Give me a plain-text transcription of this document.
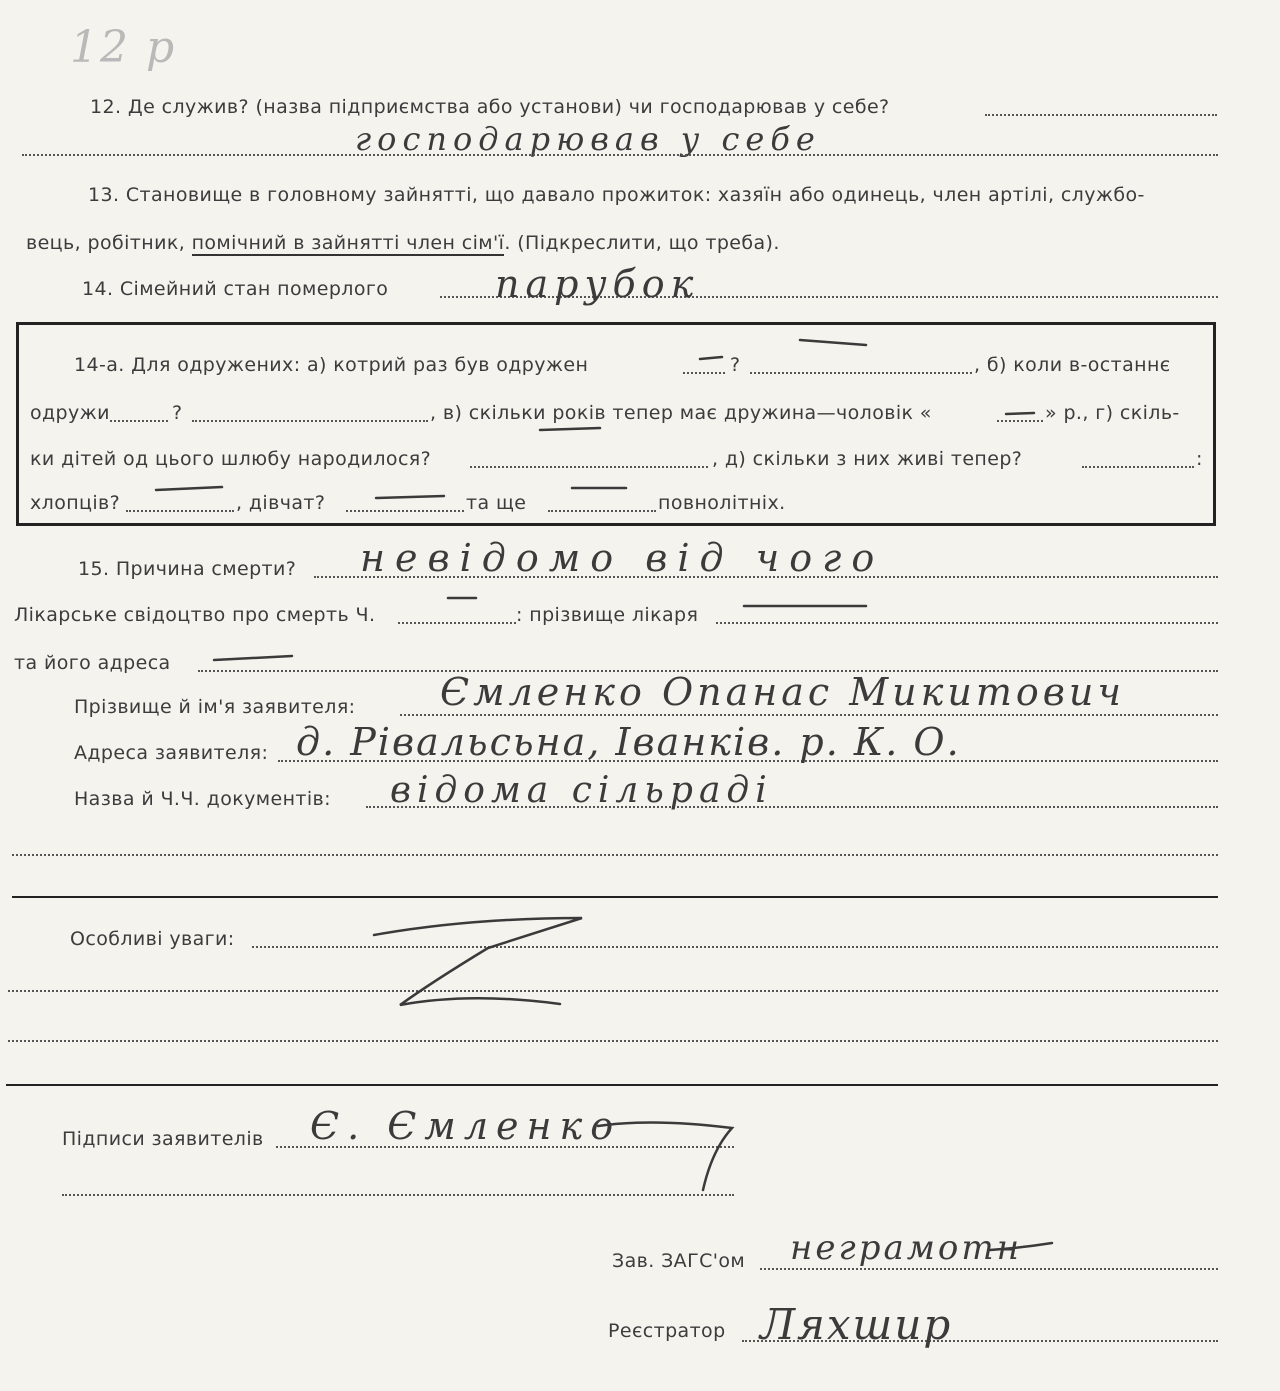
12 р
12. Де служив? (назва підприємства або установи) чи господарював у себе?
господарював у себе
13. Становище в головному зайнятті, що давало прожиток: хазяїн або одинець, член артілі, службо-
вець, робітник, помічний в зайнятті член сім'ї. (Підкреслити, що треба).
14. Сімейний стан померлого	парубок
14-а. Для одружених: а) котрий раз був одружен	?	, б) коли в-останнє
одружи	?	, в) скільки років тепер має дружина—чоловік «	» р., г) скіль-
ки дітей од цього шлюбу народилося?	, д) скільки з них живі тепер?	:
хлопців?	, дівчат?	та ще	повнолітніх.
15. Причина смерти? невідомо від чого
Лікарське свідоцтво про смерть Ч.	: прізвище лікаря
та його адреса
Прізвище й ім'я заявителя: Ємленко Опанас Микитович
Адреса заявителя: д. Рівальсьна, Іванків. р. К. О.
Назва й Ч.Ч. документів: відома сільраді
Особливі уваги:
Підписи заявителів Є. Ємленко
Зав. ЗАГС'ом неграмотн
Реєстратор Ляхшир
